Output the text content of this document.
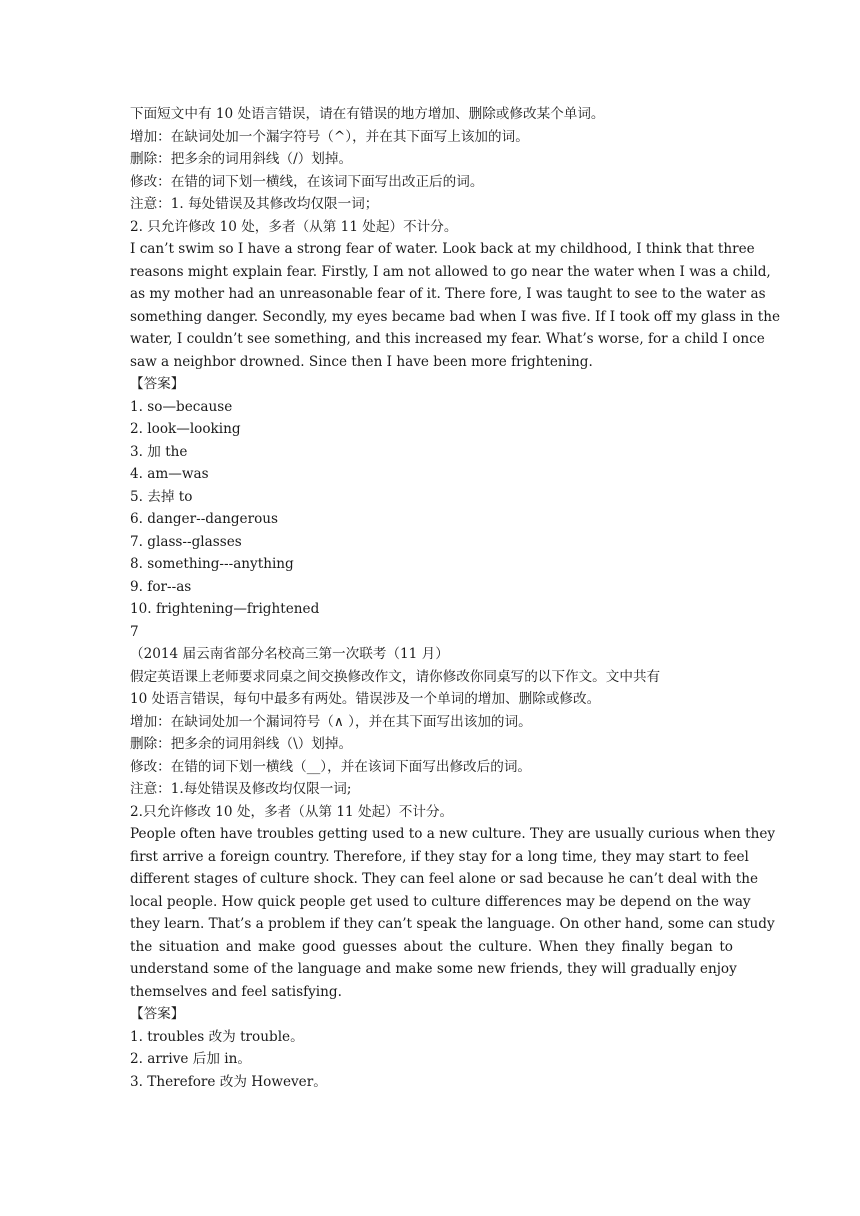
下面短文中有 10 处语言错误，请在有错误的地方增加、删除或修改某个单词。
增加：在缺词处加一个漏字符号（^），并在其下面写上该加的词。
删除：把多余的词用斜线（/）划掉。
修改：在错的词下划一横线，在该词下面写出改正后的词。
注意：1. 每处错误及其修改均仅限一词；
2. 只允许修改 10 处，多者（从第 11 处起）不计分。
I can’t swim so I have a strong fear of water. Look back at my childhood, I think that three
reasons might explain fear. Firstly, I am not allowed to go near the water when I was a child,
as my mother had an unreasonable fear of it. There fore, I was taught to see to the water as
something danger. Secondly, my eyes became bad when I was five. If I took off my glass in the
water, I couldn’t see something, and this increased my fear. What’s worse, for a child I once
saw a neighbor drowned. Since then I have been more frightening.
【答案】
1. so—because
2. look—looking
3. 加 the
4. am—was
5. 去掉 to
6. danger--dangerous
7. glass--glasses
8. something---anything
9. for--as
10. frightening—frightened
7
（2014 届云南省部分名校高三第一次联考（11 月）
假定英语课上老师要求同桌之间交换修改作文，请你修改你同桌写的以下作文。文中共有
10 处语言错误，每句中最多有两处。错误涉及一个单词的增加、删除或修改。
增加：在缺词处加一个漏词符号（∧ ），并在其下面写出该加的词。
删除：把多余的词用斜线（\）划掉。
修改：在错的词下划一横线（__），并在该词下面写出修改后的词。
注意：1.每处错误及修改均仅限一词;
2.只允许修改 10 处，多者（从第 11 处起）不计分。
People often have troubles getting used to a new culture. They are usually curious when they
first arrive a foreign country. Therefore, if they stay for a long time, they may start to feel
different stages of culture shock. They can feel alone or sad because he can’t deal with the
local people. How quick people get used to culture differences may be depend on the way
they learn. That’s a problem if they can’t speak the language. On other hand, some can study
the situation and make good guesses about the culture. When they finally began to
understand some of the language and make some new friends, they will gradually enjoy
themselves and feel satisfying.
【答案】
1. troubles 改为 trouble。
2. arrive 后加 in。
3. Therefore 改为 However。
